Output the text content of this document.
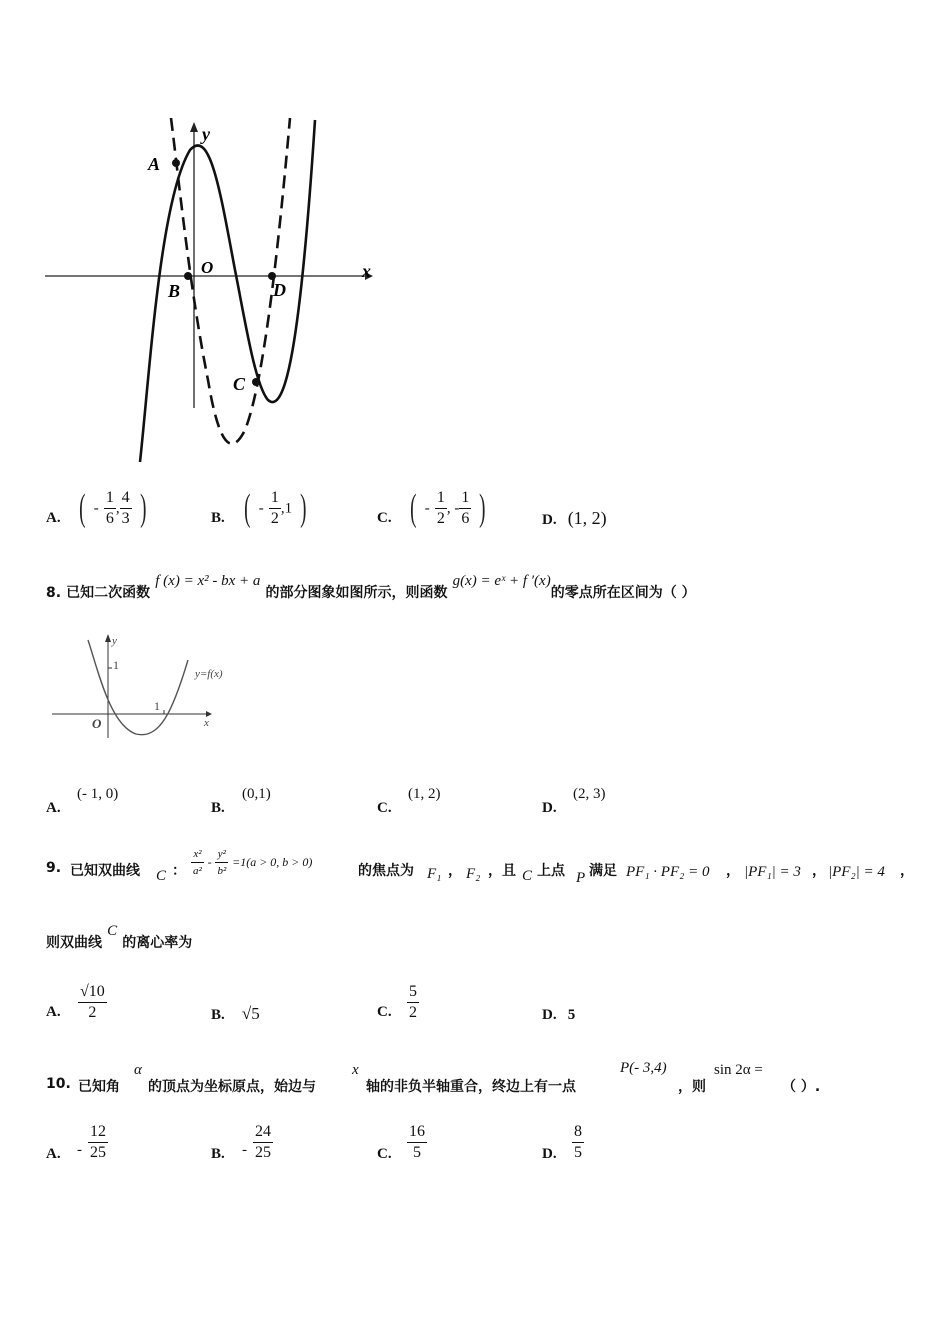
A
B
O
D
C
x
y
A. ( - $\frac{1}{6}$ , $\frac{4}{3}$ )	B. ( - $\frac{1}{2} ,1$ )	C. ( - $\frac{1}{2}$ , - $\frac{1}{6}$ )	D. (1, 2)
8. 已知二次函数 f (x) = x² - bx + a 的部分图象如图所示，则函数 g(x) = eˣ + f ′(x)的零点所在区间为（ ）
y
1
y=f(x)
1
O	x
A.
(- 1, 0)
B.
(0,1)
C.
(1, 2)
D.
(2, 3)
9. 已知双曲线 C ： $\frac{\text{x²}}{\text{a²}} - \frac{\text{y²}}{\text{b²}} =1(a > 0$, b > 0)
的焦点为 F₁ ， F₂ ，且 C 上点 P 满足 PF₁ · PF₂ = 0 ， |PF₁| = 3 ， |PF₂| = 4 ，
则双曲线 C 的离心率为
A. $\frac{√10}{2}$	B. √5	C. $\frac{5}{2}$	D. 5
10. 已知角
α
的顶点为坐标原点，始边与
x
轴的非负半轴重合，终边上有一点
P(- 3,4)
，则
sin 2α =
（ ）.
A. - $\frac{12}{25}$	B. - $\frac{24}{25}$	C. $\frac{16}{5}$	D. $\frac{8}{5}$
